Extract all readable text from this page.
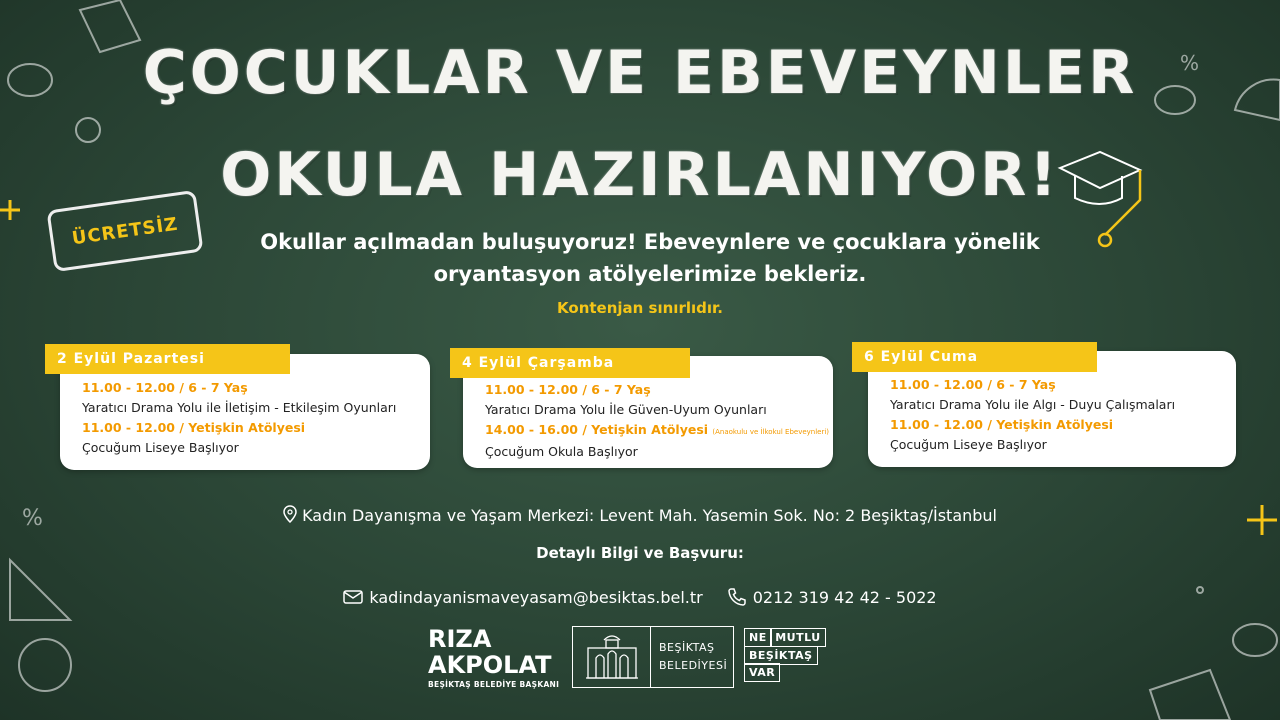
%
%
ÇOCUKLAR VE EBEVEYNLER
OKULA HAZIRLANIYOR!
ÜCRETSİZ	Okullar açılmadan buluşuyoruz! Ebeveynlere ve çocuklara yönelik
oryantasyon atölyelerimize bekleriz.
Kontenjan sınırlıdır.
2 Eylül Pazartesi
11.00 - 12.00 / 6 - 7 Yaş
Yaratıcı Drama Yolu ile İletişim - Etkileşim Oyunları
11.00 - 12.00 / Yetişkin Atölyesi
Çocuğum Liseye Başlıyor
4 Eylül Çarşamba
11.00 - 12.00 / 6 - 7 Yaş
Yaratıcı Drama Yolu İle Güven-Uyum Oyunları
14.00 - 16.00 / Yetişkin Atölyesi (Anaokulu ve İlkokul Ebeveynleri)
Çocuğum Okula Başlıyor
6 Eylül Cuma
11.00 - 12.00 / 6 - 7 Yaş
Yaratıcı Drama Yolu ile Algı - Duyu Çalışmaları
11.00 - 12.00 / Yetişkin Atölyesi
Çocuğum Liseye Başlıyor
Kadın Dayanışma ve Yaşam Merkezi: Levent Mah. Yasemin Sok. No: 2 Beşiktaş/İstanbul
Detaylı Bilgi ve Başvuru:
kadindayanismaveyasam@besiktas.bel.tr	0212 319 42 42 - 5022
RIZA
AKPOLAT
BEŞİKTAŞ BELEDİYE BAŞKANI
BEŞİKTAŞ
BELEDİYESİ
NE MUTLU
BEŞİKTAŞ
VAR
